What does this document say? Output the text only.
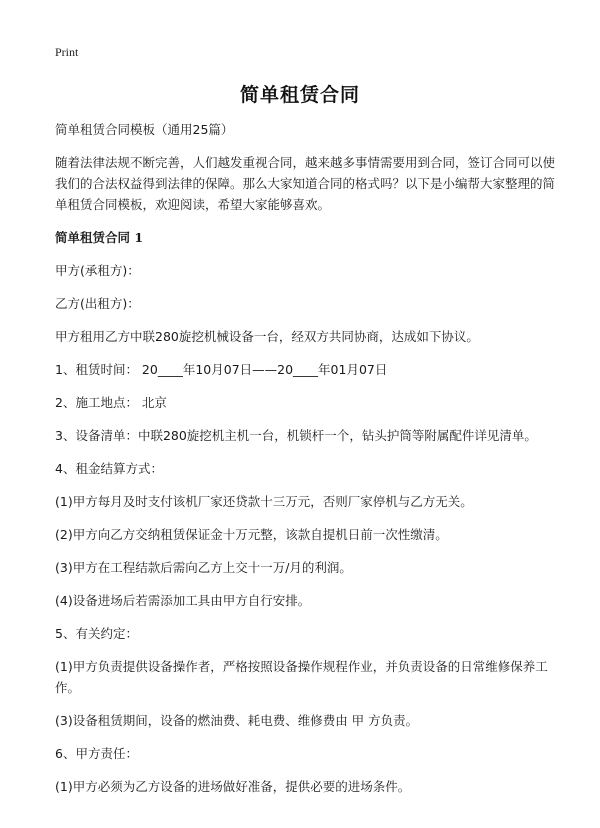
Print
简单租赁合同

简单租赁合同模板（通用25篇）

随着法律法规不断完善，人们越发重视合同，越来越多事情需要用到合同，签订合同可以使我们的合法权益得到法律的保障。那么大家知道合同的格式吗？以下是小编帮大家整理的简单租赁合同模板，欢迎阅读，希望大家能够喜欢。

简单租赁合同 1

甲方(承租方)：

乙方(出租方)：

甲方租用乙方中联280旋挖机械设备一台，经双方共同协商，达成如下协议。

1、租赁时间： 20____年10月07日——20____年01月07日

2、施工地点： 北京

3、设备清单：中联280旋挖机主机一台，机锁杆一个，钻头护筒等附属配件详见清单。

4、租金结算方式：

(1)甲方每月及时支付该机厂家还贷款十三万元，否则厂家停机与乙方无关。

(2)甲方向乙方交纳租赁保证金十万元整，该款自提机日前一次性缴清。

(3)甲方在工程结款后需向乙方上交十一万/月的利润。

(4)设备进场后若需添加工具由甲方自行安排。

5、有关约定：

(1)甲方负责提供设备操作者，严格按照设备操作规程作业，并负责设备的日常维修保养工作。

(3)设备租赁期间，设备的燃油费、耗电费、维修费由 甲 方负责。

6、甲方责任：

(1)甲方必须为乙方设备的进场做好准备，提供必要的进场条件。
